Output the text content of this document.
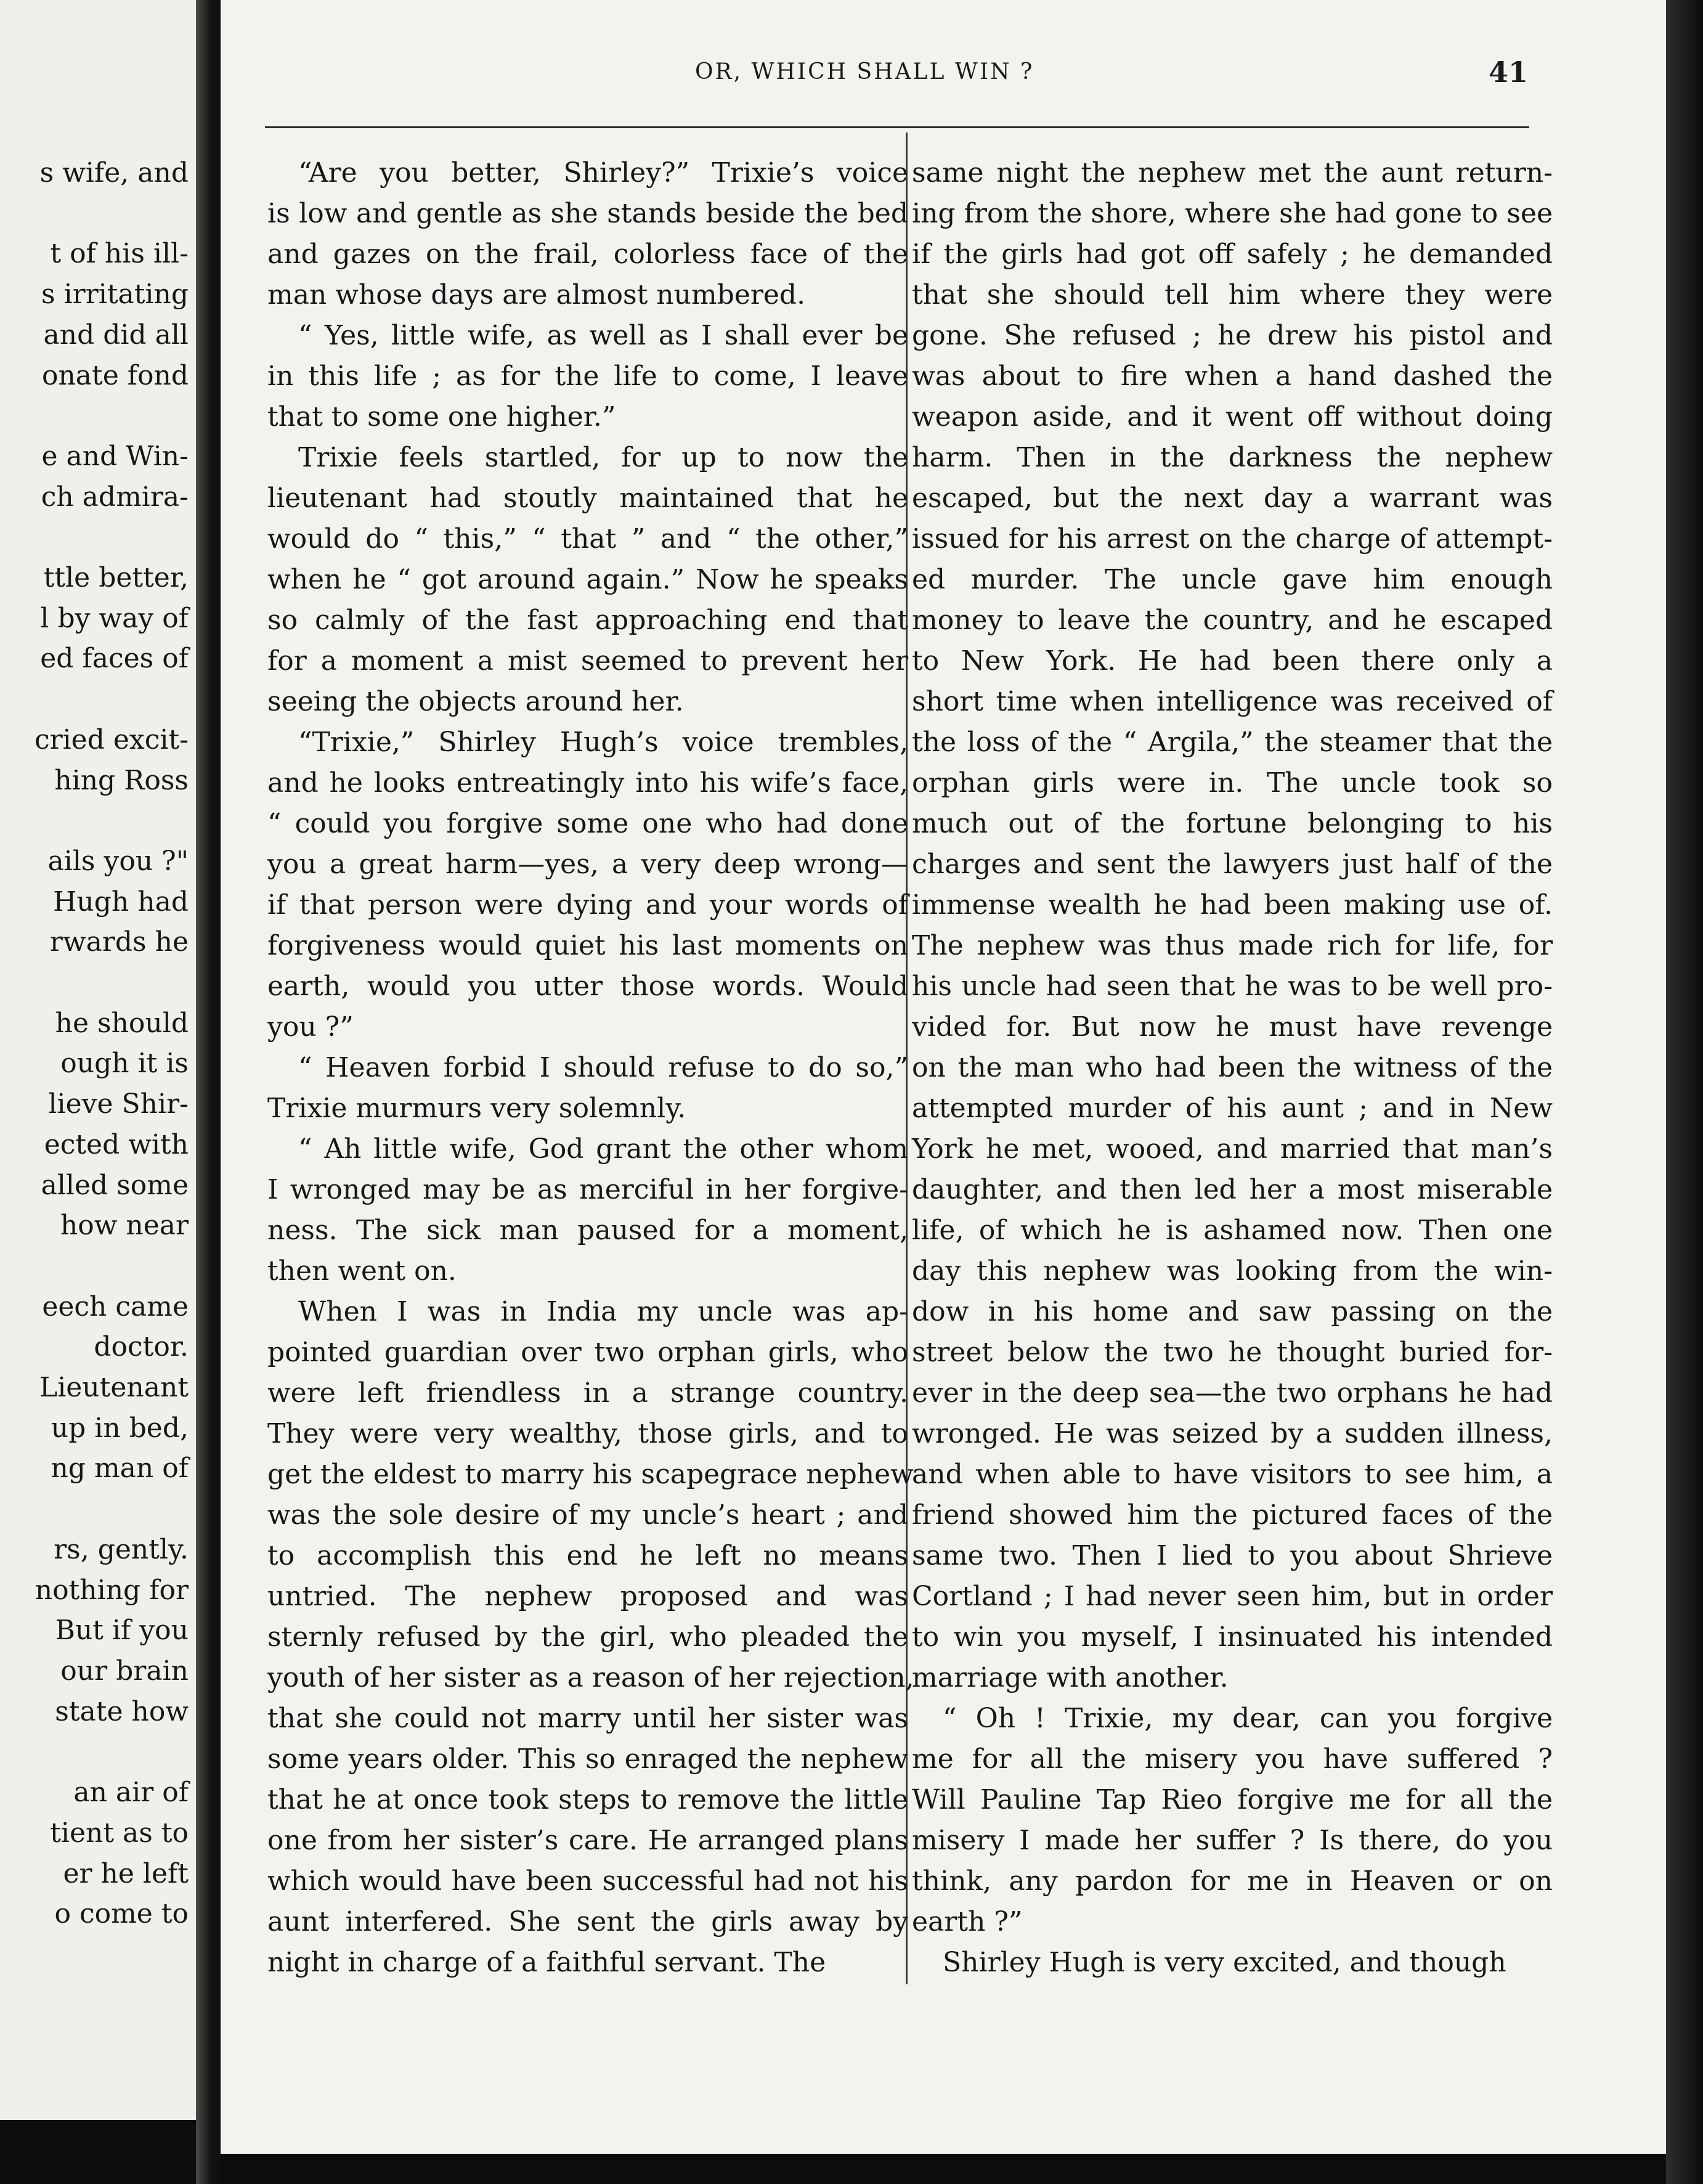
OR, WHICH SHALL WIN ?	41
s wife, and
t of his ill-
s irritating
and did all
onate fond
e and Win-
ch admira-
ttle better,
l by way of
ed faces of
cried excit-
hing Ross
ails you ?"
Hugh had
rwards he
he should
ough it is
lieve Shir-
ected with
alled some
how near
eech came
doctor.
Lieutenant
up in bed,
ng man of
rs, gently.
nothing for
But if you
our brain
state how
an air of
tient as to
er he left
o come to
“Are you better, Shirley?” Trixie’s voice
is low and gentle as she stands beside the bed
and gazes on the frail, colorless face of the
man whose days are almost numbered.
“ Yes, little wife, as well as I shall ever be
in this life ; as for the life to come, I leave
that to some one higher.”
Trixie feels startled, for up to now the
lieutenant had stoutly maintained that he
would do “ this,” “ that ” and “ the other,”
when he “ got around again.” Now he speaks
so calmly of the fast approaching end that
for a moment a mist seemed to prevent her
seeing the objects around her.
“Trixie,” Shirley Hugh’s voice trembles,
and he looks entreatingly into his wife’s face,
“ could you forgive some one who had done
you a great harm—yes, a very deep wrong—
if that person were dying and your words of
forgiveness would quiet his last moments on
earth, would you utter those words. Would
you ?”
“ Heaven forbid I should refuse to do so,”
Trixie murmurs very solemnly.
“ Ah little wife, God grant the other whom
I wronged may be as merciful in her forgive-
ness. The sick man paused for a moment,
then went on.
When I was in India my uncle was ap-
pointed guardian over two orphan girls, who
were left friendless in a strange country.
They were very wealthy, those girls, and to
get the eldest to marry his scapegrace nephew
was the sole desire of my uncle’s heart ; and
to accomplish this end he left no means
untried. The nephew proposed and was
sternly refused by the girl, who pleaded the
youth of her sister as a reason of her rejection,
that she could not marry until her sister was
some years older. This so enraged the nephew
that he at once took steps to remove the little
one from her sister’s care. He arranged plans
which would have been successful had not his
aunt interfered. She sent the girls away by
night in charge of a faithful servant. The
same night the nephew met the aunt return-
ing from the shore, where she had gone to see
if the girls had got off safely ; he demanded
that she should tell him where they were
gone. She refused ; he drew his pistol and
was about to fire when a hand dashed the
weapon aside, and it went off without doing
harm. Then in the darkness the nephew
escaped, but the next day a warrant was
issued for his arrest on the charge of attempt-
ed murder. The uncle gave him enough
money to leave the country, and he escaped
to New York. He had been there only a
short time when intelligence was received of
the loss of the “ Argila,” the steamer that the
orphan girls were in. The uncle took so
much out of the fortune belonging to his
charges and sent the lawyers just half of the
immense wealth he had been making use of.
The nephew was thus made rich for life, for
his uncle had seen that he was to be well pro-
vided for. But now he must have revenge
on the man who had been the witness of the
attempted murder of his aunt ; and in New
York he met, wooed, and married that man’s
daughter, and then led her a most miserable
life, of which he is ashamed now. Then one
day this nephew was looking from the win-
dow in his home and saw passing on the
street below the two he thought buried for-
ever in the deep sea—the two orphans he had
wronged. He was seized by a sudden illness,
and when able to have visitors to see him, a
friend showed him the pictured faces of the
same two. Then I lied to you about Shrieve
Cortland ; I had never seen him, but in order
to win you myself, I insinuated his intended
marriage with another.
“ Oh ! Trixie, my dear, can you forgive
me for all the misery you have suffered ?
Will Pauline Tap Rieo forgive me for all the
misery I made her suffer ? Is there, do you
think, any pardon for me in Heaven or on
earth ?”
Shirley Hugh is very excited, and though
